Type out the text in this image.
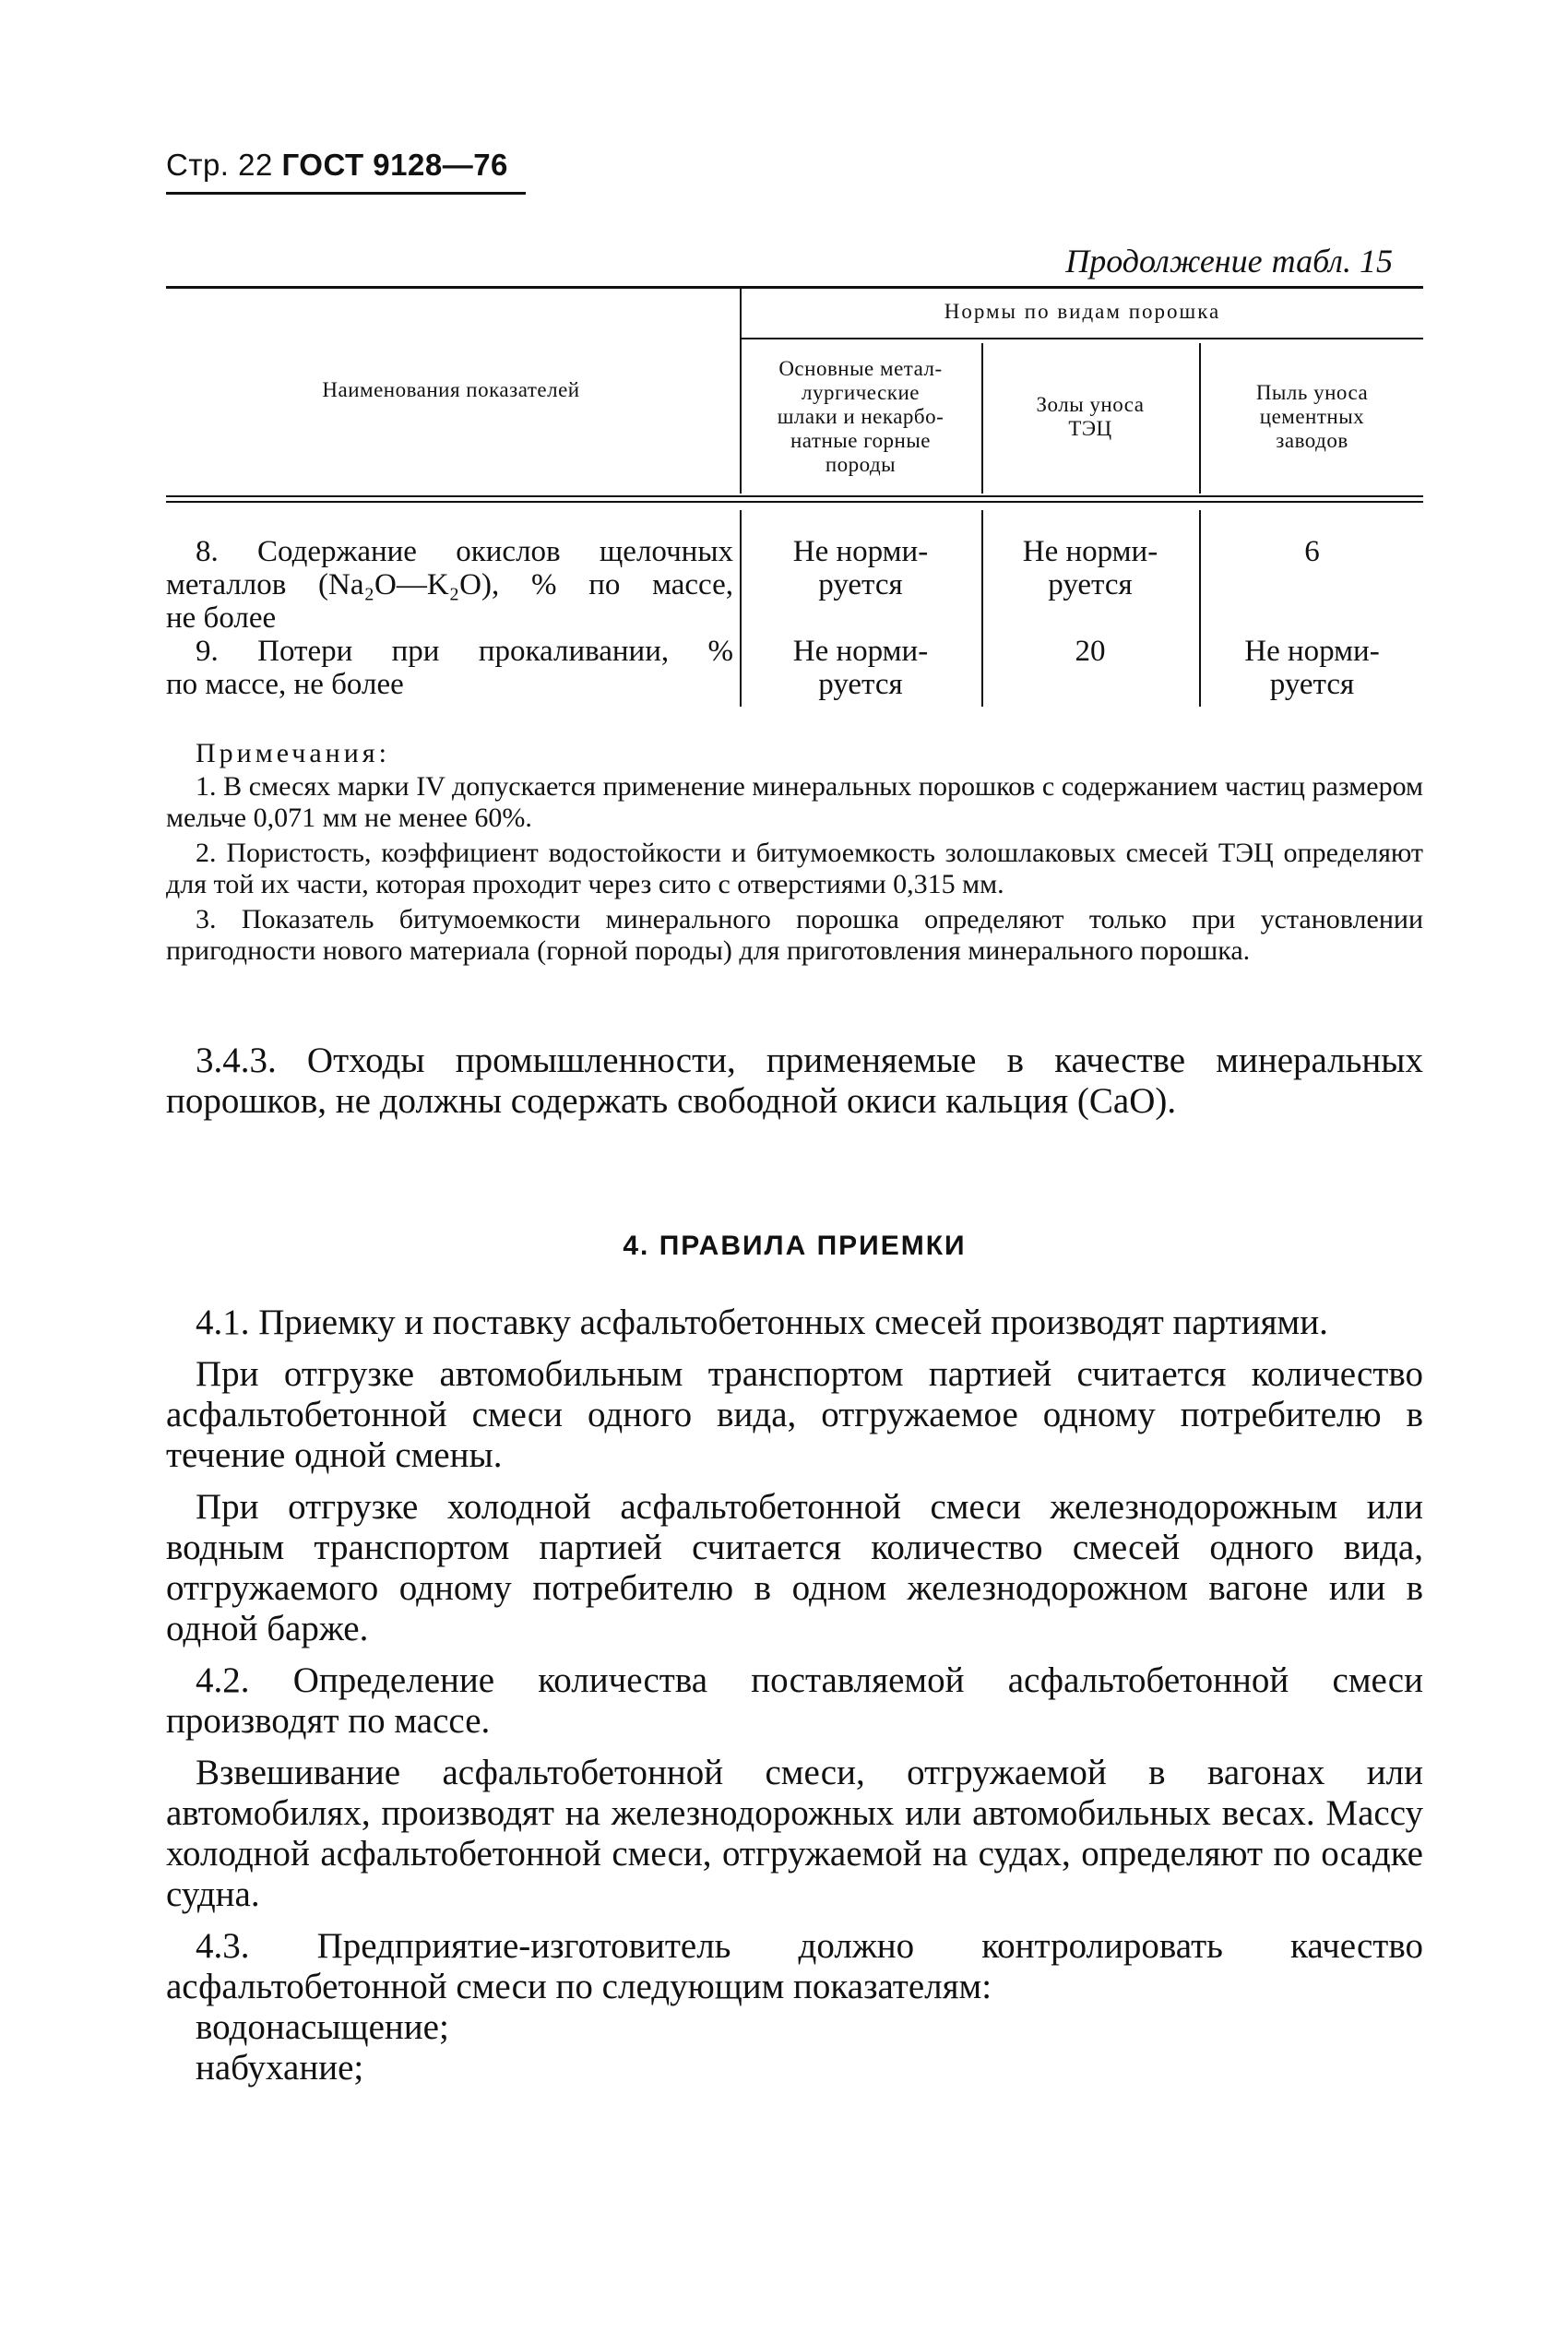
Стр. 22 ГОСТ 9128—76
Продолжение табл. 15
Наименования показателей
Нормы по видам порошка
Основные метал-
лургические
шлаки и некарбо-
натные горные
породы
Золы уноса
ТЭЦ
Пыль уноса
цементных
заводов
8. Содержание окислов щелочных
металлов (Na₂O—K₂O), % по массе,
не более
Не норми-
руется
Не норми-
руется
6
9. Потери при прокаливании, %
по массе, не более
Не норми-
руется
20	Не норми-
руется
Примечания:

1. В смесях марки IV допускается применение минеральных порошков с содержанием частиц размером мельче 0,071 мм не менее 60%.

2. Пористость, коэффициент водостойкости и битумоемкость золошлаковых смесей ТЭЦ определяют для той их части, которая проходит через сито с отверстиями 0,315 мм.

3. Показатель битумоемкости минерального порошка определяют только при установлении пригодности нового материала (горной породы) для приготовления минерального порошка.

3.4.3. Отходы промышленности, применяемые в качестве минеральных порошков, не должны содержать свободной окиси кальция (CaO).

4. ПРАВИЛА ПРИЕМКИ

4.1. Приемку и поставку асфальтобетонных смесей производят партиями.

При отгрузке автомобильным транспортом партией считается количество асфальтобетонной смеси одного вида, отгружаемое одному потребителю в течение одной смены.

При отгрузке холодной асфальтобетонной смеси железнодорожным или водным транспортом партией считается количество смесей одного вида, отгружаемого одному потребителю в одном железнодорожном вагоне или в одной барже.

4.2. Определение количества поставляемой асфальтобетонной смеси производят по массе.

Взвешивание асфальтобетонной смеси, отгружаемой в вагонах или автомобилях, производят на железнодорожных или автомобильных весах. Массу холодной асфальтобетонной смеси, отгружаемой на судах, определяют по осадке судна.

4.3. Предприятие-изготовитель должно контролировать качество асфальтобетонной смеси по следующим показателям:

водонасыщение;

набухание;
